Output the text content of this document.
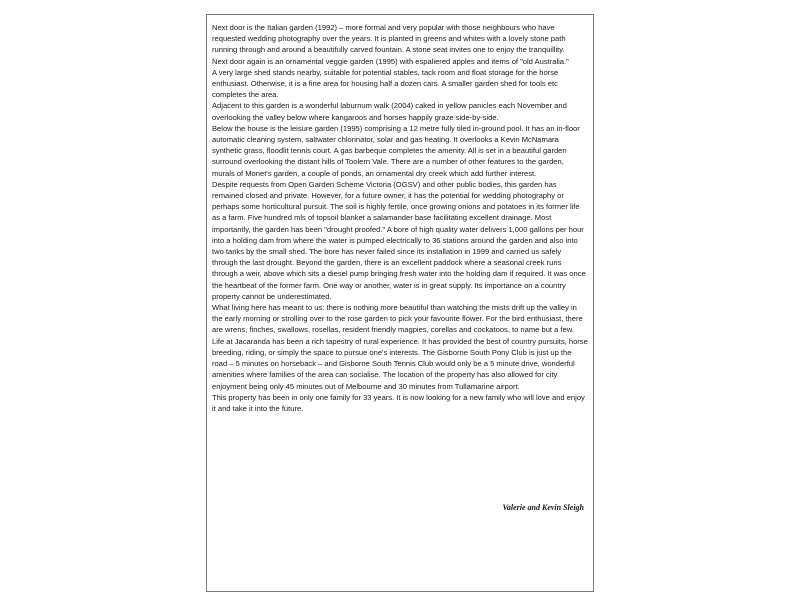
Next door is the Italian garden (1992) – more formal and very popular with those neighbours who have requested wedding photography over the years. It is planted in greens and whites with a lovely stone path running through and around a beautifully carved fountain. A stone seat invites one to enjoy the tranquillity.

Next door again is an ornamental veggie garden (1995) with espaliered apples and items of "old Australia."

A very large shed stands nearby, suitable for potential stables, tack room and float storage for the horse enthusiast. Otherwise, it is a fine area for housing half a dozen cars. A smaller garden shed for tools etc completes the area.

Adjacent to this garden is a wonderful laburnum walk (2004) caked in yellow panicles each November and overlooking the valley below where kangaroos and horses happily graze side-by-side.

Below the house is the leisure garden (1995) comprising a 12 metre fully tiled in-ground pool. It has an in-floor automatic cleaning system, saltwater chlorinator, solar and gas heating. It overlooks a Kevin McNamara synthetic grass, floodlit tennis court. A gas barbeque completes the amenity. All is set in a beautiful garden surround overlooking the distant hills of Toolern Vale. There are a number of other features to the garden, murals of Monet's garden, a couple of ponds, an ornamental dry creek which add further interest.

Despite requests from Open Garden Scheme Victoria (OGSV) and other public bodies, this garden has remained closed and private. However, for a future owner, it has the potential for wedding photography or perhaps some horticultural pursuit. The soil is highly fertile, once growing onions and potatoes in its former life as a farm. Five hundred mls of topsoil blanket a salamander base facilitating excellent drainage. Most importantly, the garden has been "drought proofed." A bore of high quality water delivers 1,000 gallons per hour into a holding dam from where the water is pumped electrically to 36 stations around the garden and also into two tanks by the small shed. The bore has never failed since its installation in 1999 and carried us safely through the last drought. Beyond the garden, there is an excellent paddock where a seasonal creek runs through a weir, above which sits a diesel pump bringing fresh water into the holding dam if required. It was once the heartbeat of the former farm. One way or another, water is in great supply. Its importance on a country property cannot be underestimated.

What living here has meant to us: there is nothing more beautiful than watching the mists drift up the valley in the early morning or strolling over to the rose garden to pick your favourite flower. For the bird enthusiast, there are wrens, finches, swallows, rosellas, resident friendly magpies, corellas and cockatoos, to name but a few. Life at Jacaranda has been a rich tapestry of rural experience. It has provided the best of country pursuits, horse breeding, riding, or simply the space to pursue one's interests. The Gisborne South Pony Club is just up the road – 5 minutes on horseback – and Gisborne South Tennis Club would only be a 5 minute drive, wonderful amenities where families of the area can socialise. The location of the property has also allowed for city enjoyment being only 45 minutes out of Melbourne and 30 minutes from Tullamarine airport.

This property has been in only one family for 33 years. It is now looking for a new family who will love and enjoy it and take it into the future.

Valerie and Kevin Sleigh
